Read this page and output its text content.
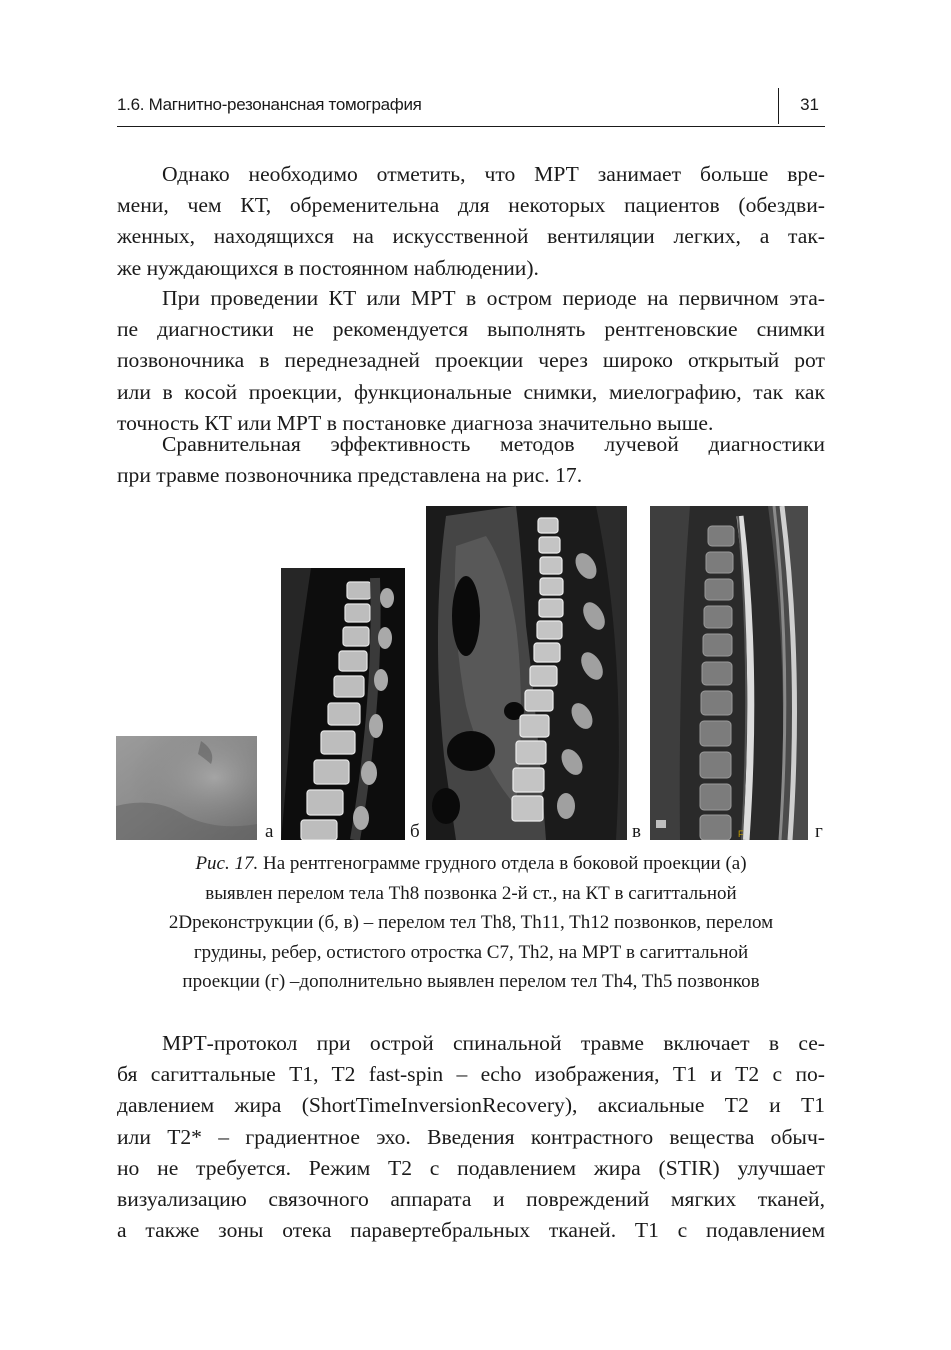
1.6. Магнитно-резонансная томография	31
Однако необходимо отметить, что МРТ занимает больше вре-
мени, чем КТ, обременительна для некоторых пациентов (обездви-
женных, находящихся на искусственной вентиляции легких, а так-
же нуждающихся в постоянном наблюдении).
При проведении КТ или МРТ в остром периоде на первичном эта-
пе диагностики не рекомендуется выполнять рентгеновские снимки
позвоночника в переднезадней проекции через широко открытый рот
или в косой проекции, функциональные снимки, миелографию, так как
точность КТ или МРТ в постановке диагноза значительно выше.
Сравнительная эффективность методов лучевой диагностики
при травме позвоночника представлена на рис. 17.
а	б	в	F	г
Рис. 17. На рентгенограмме грудного отдела в боковой проекции (а)
выявлен перелом тела Th8 позвонка 2-й ст., на КТ в сагиттальной
2Dреконструкции (б, в) – перелом тел Th8, Th11, Th12 позвонков, перелом
грудины, ребер, остистого отростка С7, Th2, на МРТ в сагиттальной
проекции (г) –дополнительно выявлен перелом тел Th4, Th5 позвонков
МРТ-протокол при острой спинальной травме включает в се-
бя сагиттальные T1, T2 fast-spin – echo изображения, T1 и T2 с по-
давлением жира (ShortTimeInversionRecovery), аксиальные T2 и T1
или T2* – градиентное эхо. Введения контрастного вещества обыч-
но не требуется. Режим T2 с подавлением жира (STIR) улучшает
визуализацию связочного аппарата и повреждений мягких тканей,
а также зоны отека паравертебральных тканей. T1 с подавлением
